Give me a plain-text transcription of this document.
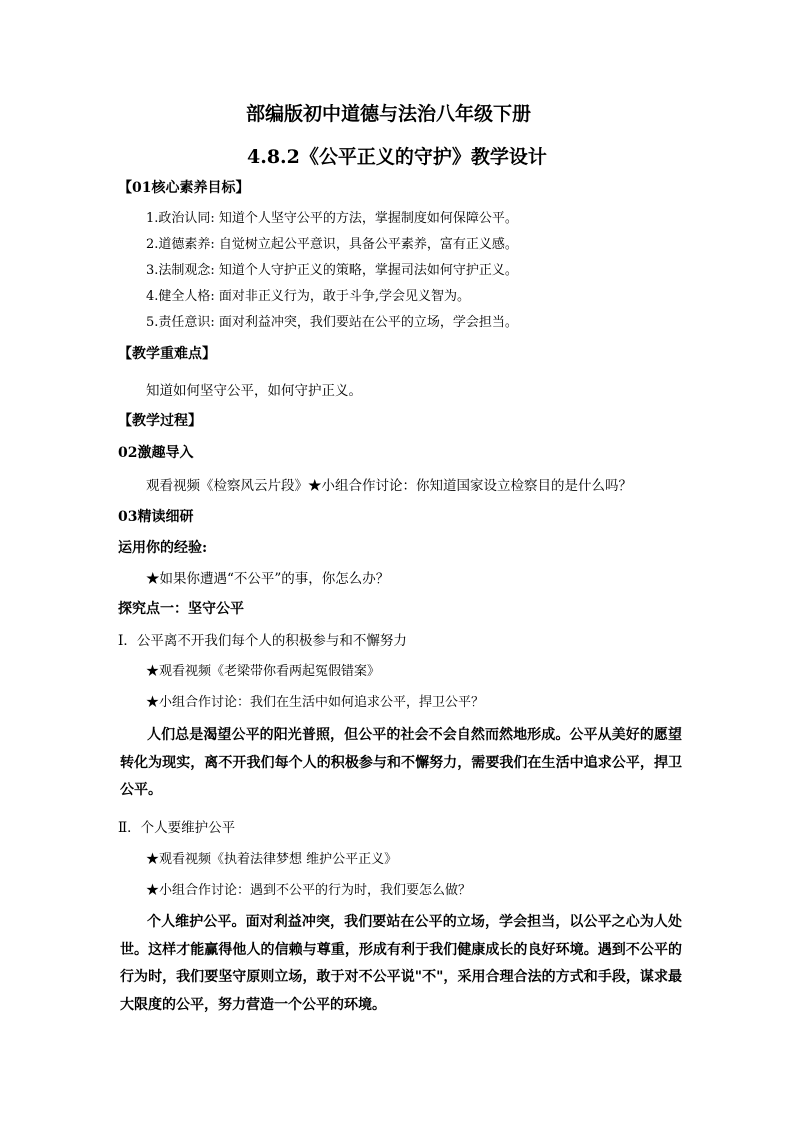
部编版初中道德与法治八年级下册
4.8.2《公平正义的守护》教学设计
【01核心素养目标】
1.政治认同: 知道个人坚守公平的方法，掌握制度如何保障公平。
2.道德素养: 自觉树立起公平意识，具备公平素养，富有正义感。
3.法制观念: 知道个人守护正义的策略，掌握司法如何守护正义。
4.健全人格: 面对非正义行为，敢于斗争,学会见义智为。
5.责任意识: 面对利益冲突，我们要站在公平的立场，学会担当。
【教学重难点】
知道如何坚守公平，如何守护正义。
【教学过程】
02激趣导入
观看视频《检察风云片段》★小组合作讨论：你知道国家设立检察目的是什么吗？
03精读细研
运用你的经验:
★如果你遭遇“不公平”的事，你怎么办？
探究点一：坚守公平
Ⅰ．公平离不开我们每个人的积极参与和不懈努力
★观看视频《老梁带你看两起冤假错案》
★小组合作讨论：我们在生活中如何追求公平，捍卫公平？
人们总是渴望公平的阳光普照，但公平的社会不会自然而然地形成。公平从美好的愿望转化为现实，离不开我们每个人的积极参与和不懈努力，需要我们在生活中追求公平，捍卫公平。
Ⅱ．个人要维护公平
★观看视频《执着法律梦想 维护公平正义》
★小组合作讨论：遇到不公平的行为时，我们要怎么做？
个人维护公平。面对利益冲突，我们要站在公平的立场，学会担当，以公平之心为人处世。这样才能赢得他人的信赖与尊重，形成有利于我们健康成长的良好环境。遇到不公平的行为时，我们要坚守原则立场，敢于对不公平说"不"，采用合理合法的方式和手段，谋求最大限度的公平，努力营造一个公平的环境。
